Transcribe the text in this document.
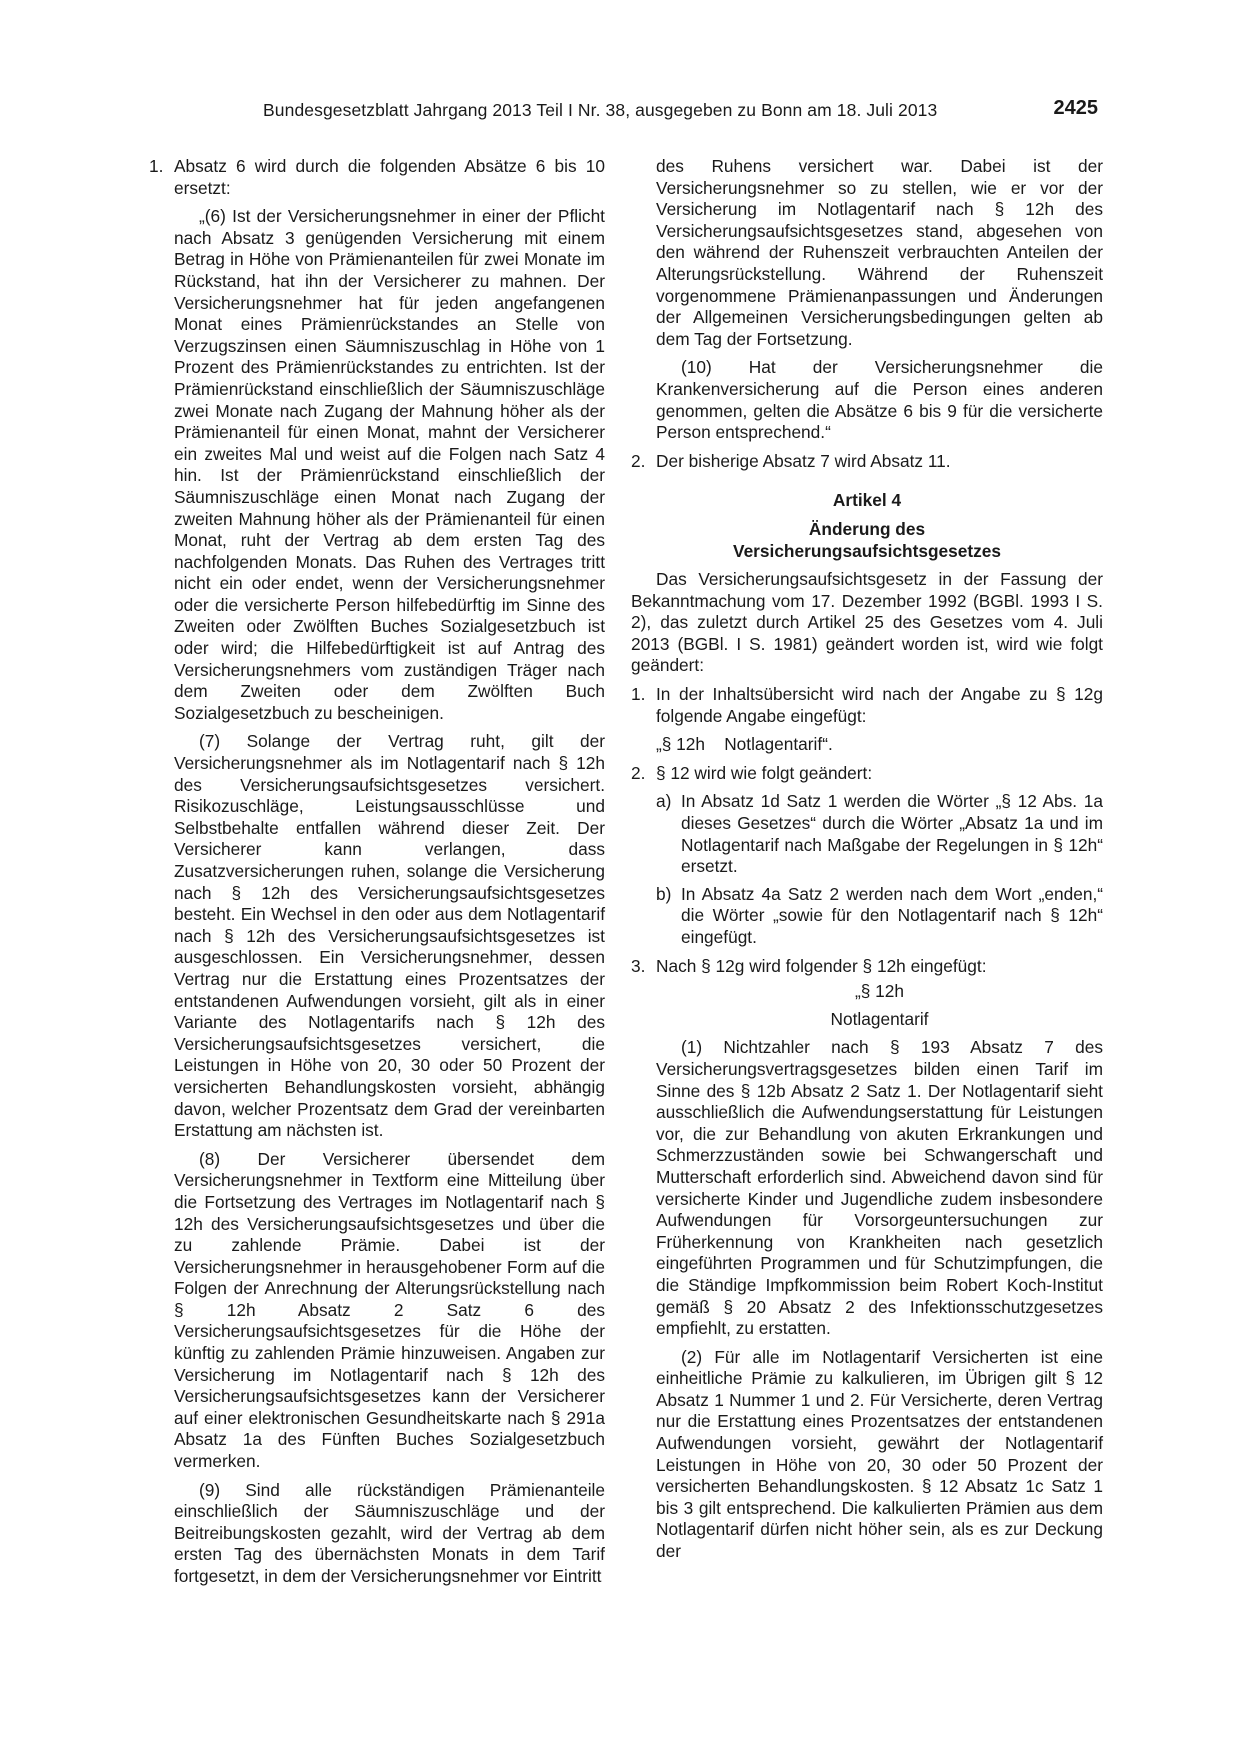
Bundesgesetzblatt Jahrgang 2013 Teil I Nr. 38, ausgegeben zu Bonn am 18. Juli 2013	2425
1. Absatz 6 wird durch die folgenden Absätze 6 bis 10 ersetzt:

„(6) Ist der Versicherungsnehmer in einer der Pflicht nach Absatz 3 genügenden Versicherung mit einem Betrag in Höhe von Prämienanteilen für zwei Monate im Rückstand, hat ihn der Versicherer zu mahnen. Der Versicherungsnehmer hat für jeden angefangenen Monat eines Prämienrückstandes an Stelle von Verzugszinsen einen Säumniszuschlag in Höhe von 1 Prozent des Prämienrückstandes zu entrichten. Ist der Prämienrückstand einschließlich der Säumniszuschläge zwei Monate nach Zugang der Mahnung höher als der Prämienanteil für einen Monat, mahnt der Versicherer ein zweites Mal und weist auf die Folgen nach Satz 4 hin. Ist der Prämienrückstand einschließlich der Säumniszuschläge einen Monat nach Zugang der zweiten Mahnung höher als der Prämienanteil für einen Monat, ruht der Vertrag ab dem ersten Tag des nachfolgenden Monats. Das Ruhen des Vertrages tritt nicht ein oder endet, wenn der Versicherungsnehmer oder die versicherte Person hilfebedürftig im Sinne des Zweiten oder Zwölften Buches Sozialgesetzbuch ist oder wird; die Hilfebedürftigkeit ist auf Antrag des Versicherungsnehmers vom zuständigen Träger nach dem Zweiten oder dem Zwölften Buch Sozialgesetzbuch zu bescheinigen.

(7) Solange der Vertrag ruht, gilt der Versicherungsnehmer als im Notlagentarif nach § 12h des Versicherungsaufsichtsgesetzes versichert. Risikozuschläge, Leistungsausschlüsse und Selbstbehalte entfallen während dieser Zeit. Der Versicherer kann verlangen, dass Zusatzversicherungen ruhen, solange die Versicherung nach § 12h des Versicherungsaufsichtsgesetzes besteht. Ein Wechsel in den oder aus dem Notlagentarif nach § 12h des Versicherungsaufsichtsgesetzes ist ausgeschlossen. Ein Versicherungsnehmer, dessen Vertrag nur die Erstattung eines Prozentsatzes der entstandenen Aufwendungen vorsieht, gilt als in einer Variante des Notlagentarifs nach § 12h des Versicherungsaufsichtsgesetzes versichert, die Leistungen in Höhe von 20, 30 oder 50 Prozent der versicherten Behandlungskosten vorsieht, abhängig davon, welcher Prozentsatz dem Grad der vereinbarten Erstattung am nächsten ist.

(8) Der Versicherer übersendet dem Versicherungsnehmer in Textform eine Mitteilung über die Fortsetzung des Vertrages im Notlagentarif nach § 12h des Versicherungsaufsichtsgesetzes und über die zu zahlende Prämie. Dabei ist der Versicherungsnehmer in herausgehobener Form auf die Folgen der Anrechnung der Alterungsrückstellung nach § 12h Absatz 2 Satz 6 des Versicherungsaufsichtsgesetzes für die Höhe der künftig zu zahlenden Prämie hinzuweisen. Angaben zur Versicherung im Notlagentarif nach § 12h des Versicherungsaufsichtsgesetzes kann der Versicherer auf einer elektronischen Gesundheitskarte nach § 291a Absatz 1a des Fünften Buches Sozialgesetzbuch vermerken.

(9) Sind alle rückständigen Prämienanteile einschließlich der Säumniszuschläge und der Beitreibungskosten gezahlt, wird der Vertrag ab dem ersten Tag des übernächsten Monats in dem Tarif fortgesetzt, in dem der Versicherungsnehmer vor Eintritt

des Ruhens versichert war. Dabei ist der Versicherungsnehmer so zu stellen, wie er vor der Versicherung im Notlagentarif nach § 12h des Versicherungsaufsichtsgesetzes stand, abgesehen von den während der Ruhenszeit verbrauchten Anteilen der Alterungsrückstellung. Während der Ruhenszeit vorgenommene Prämienanpassungen und Änderungen der Allgemeinen Versicherungsbedingungen gelten ab dem Tag der Fortsetzung.

(10) Hat der Versicherungsnehmer die Krankenversicherung auf die Person eines anderen genommen, gelten die Absätze 6 bis 9 für die versicherte Person entsprechend.“

2. Der bisherige Absatz 7 wird Absatz 11.

Artikel 4

Änderung des
Versicherungsaufsichtsgesetzes

Das Versicherungsaufsichtsgesetz in der Fassung der Bekanntmachung vom 17. Dezember 1992 (BGBl. 1993 I S. 2), das zuletzt durch Artikel 25 des Gesetzes vom 4. Juli 2013 (BGBl. I S. 1981) geändert worden ist, wird wie folgt geändert:

1. In der Inhaltsübersicht wird nach der Angabe zu § 12g folgende Angabe eingefügt:

„§ 12h    Notlagentarif“.

2. § 12 wird wie folgt geändert:

a) In Absatz 1d Satz 1 werden die Wörter „§ 12 Abs. 1a dieses Gesetzes“ durch die Wörter „Absatz 1a und im Notlagentarif nach Maßgabe der Regelungen in § 12h“ ersetzt.

b) In Absatz 4a Satz 2 werden nach dem Wort „enden,“ die Wörter „sowie für den Notlagentarif nach § 12h“ eingefügt.

3. Nach § 12g wird folgender § 12h eingefügt:

„§ 12h

Notlagentarif

(1) Nichtzahler nach § 193 Absatz 7 des Versicherungsvertragsgesetzes bilden einen Tarif im Sinne des § 12b Absatz 2 Satz 1. Der Notlagentarif sieht ausschließlich die Aufwendungserstattung für Leistungen vor, die zur Behandlung von akuten Erkrankungen und Schmerzzuständen sowie bei Schwangerschaft und Mutterschaft erforderlich sind. Abweichend davon sind für versicherte Kinder und Jugendliche zudem insbesondere Aufwendungen für Vorsorgeuntersuchungen zur Früherkennung von Krankheiten nach gesetzlich eingeführten Programmen und für Schutzimpfungen, die die Ständige Impfkommission beim Robert Koch-Institut gemäß § 20 Absatz 2 des Infektionsschutzgesetzes empfiehlt, zu erstatten.

(2) Für alle im Notlagentarif Versicherten ist eine einheitliche Prämie zu kalkulieren, im Übrigen gilt § 12 Absatz 1 Nummer 1 und 2. Für Versicherte, deren Vertrag nur die Erstattung eines Prozentsatzes der entstandenen Aufwendungen vorsieht, gewährt der Notlagentarif Leistungen in Höhe von 20, 30 oder 50 Prozent der versicherten Behandlungskosten. § 12 Absatz 1c Satz 1 bis 3 gilt entsprechend. Die kalkulierten Prämien aus dem Notlagentarif dürfen nicht höher sein, als es zur Deckung der
